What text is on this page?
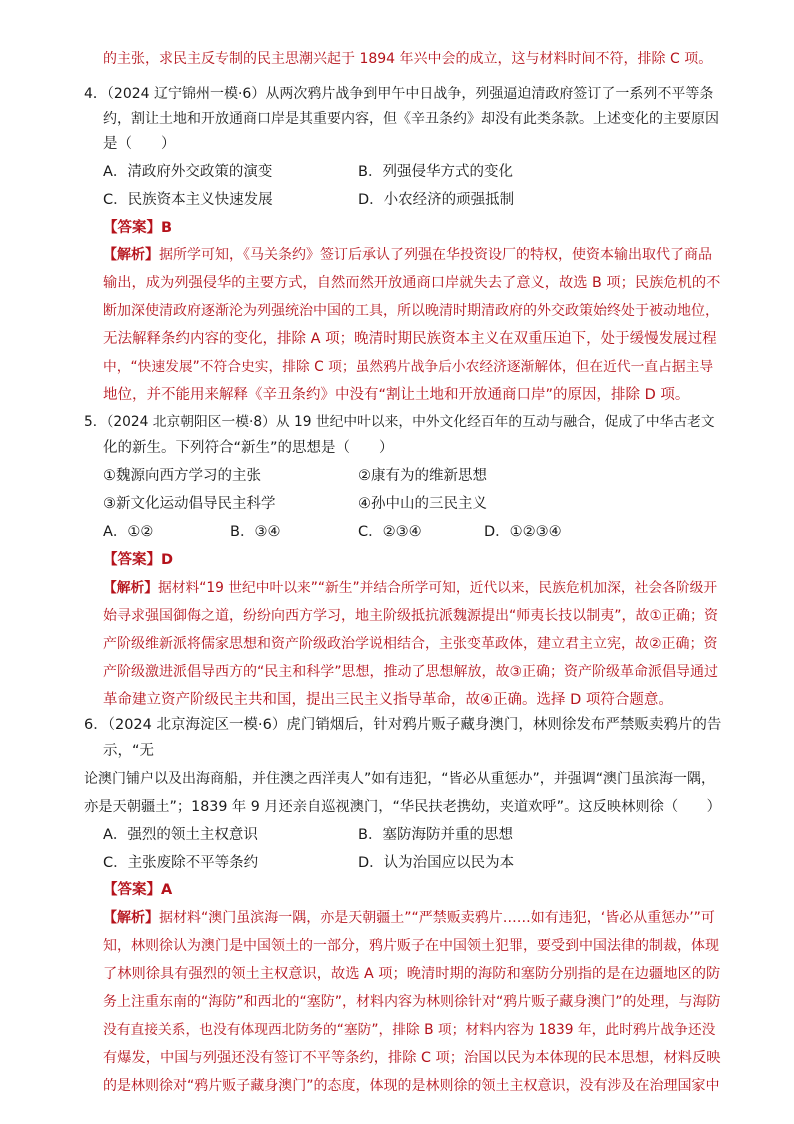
的主张，求民主反专制的民主思潮兴起于 1894 年兴中会的成立，这与材料时间不符，排除 C 项。
4．（2024 辽宁锦州一模·6）从两次鸦片战争到甲午中日战争，列强逼迫清政府签订了一系列不平等条
约，割让土地和开放通商口岸是其重要内容，但《辛丑条约》却没有此类条款。上述变化的主要原因
是（　　）
A．清政府外交政策的演变	B．列强侵华方式的变化
C．民族资本主义快速发展	D．小农经济的顽强抵制
【答案】B
【解析】据所学可知，《马关条约》签订后承认了列强在华投资设厂的特权，使资本输出取代了商品
输出，成为列强侵华的主要方式，自然而然开放通商口岸就失去了意义，故选 B 项；民族危机的不
断加深使清政府逐渐沦为列强统治中国的工具，所以晚清时期清政府的外交政策始终处于被动地位，
无法解释条约内容的变化，排除 A 项；晚清时期民族资本主义在双重压迫下，处于缓慢发展过程
中，“快速发展”不符合史实，排除 C 项；虽然鸦片战争后小农经济逐渐解体，但在近代一直占据主导
地位，并不能用来解释《辛丑条约》中没有“割让土地和开放通商口岸”的原因，排除 D 项。
5．（2024 北京朝阳区一模·8）从 19 世纪中叶以来，中外文化经百年的互动与融合，促成了中华古老文
化的新生。下列符合“新生”的思想是（　　）
①魏源向西方学习的主张	②康有为的维新思想
③新文化运动倡导民主科学	④孙中山的三民主义
A．①②	B．③④	C．②③④	D．①②③④
【答案】D
【解析】据材料“19 世纪中叶以来”“新生”并结合所学可知，近代以来，民族危机加深，社会各阶级开
始寻求强国御侮之道，纷纷向西方学习，地主阶级抵抗派魏源提出“师夷长技以制夷”，故①正确；资
产阶级维新派将儒家思想和资产阶级政治学说相结合，主张变革政体，建立君主立宪，故②正确；资
产阶级激进派倡导西方的“民主和科学”思想，推动了思想解放，故③正确；资产阶级革命派倡导通过
革命建立资产阶级民主共和国，提出三民主义指导革命，故④正确。选择 D 项符合题意。
6．（2024 北京海淀区一模·6）虎门销烟后，针对鸦片贩子藏身澳门，林则徐发布严禁贩卖鸦片的告
示，“无
论澳门铺户以及出海商船，并住澳之西洋夷人”如有违犯，“皆必从重惩办”，并强调“澳门虽滨海一隅，
亦是天朝疆土”；1839 年 9 月还亲自巡视澳门，“华民扶老携幼，夹道欢呼”。这反映林则徐（　　）
A．强烈的领土主权意识	B．塞防海防并重的思想
C．主张废除不平等条约	D．认为治国应以民为本
【答案】A
【解析】据材料“澳门虽滨海一隅，亦是天朝疆土”“严禁贩卖鸦片……如有违犯，‘皆必从重惩办’”可
知，林则徐认为澳门是中国领土的一部分，鸦片贩子在中国领土犯罪，要受到中国法律的制裁，体现
了林则徐具有强烈的领土主权意识，故选 A 项；晚清时期的海防和塞防分别指的是在边疆地区的防
务上注重东南的“海防”和西北的“塞防”，材料内容为林则徐针对“鸦片贩子藏身澳门”的处理，与海防
没有直接关系，也没有体现西北防务的“塞防”，排除 B 项；材料内容为 1839 年，此时鸦片战争还没
有爆发，中国与列强还没有签订不平等条约，排除 C 项；治国以民为本体现的民本思想，材料反映
的是林则徐对“鸦片贩子藏身澳门”的态度，体现的是林则徐的领土主权意识，没有涉及在治理国家中
